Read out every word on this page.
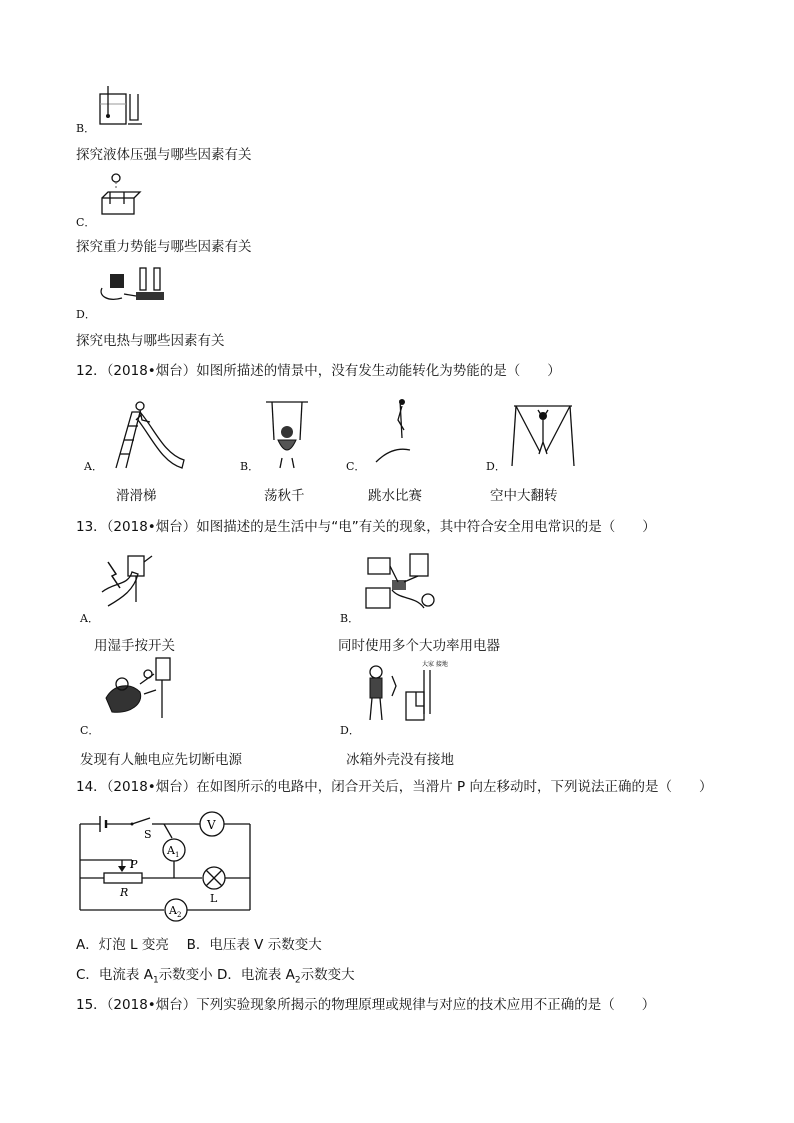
B．
探究液体压强与哪些因素有关
C．
探究重力势能与哪些因素有关
D．
探究电热与哪些因素有关
12．（2018•烟台）如图所描述的情景中，没有发生动能转化为势能的是（　　）
A．
滑滑梯
B．
荡秋千
C．
跳水比赛
D．
空中大翻转
13．（2018•烟台）如图描述的是生活中与“电”有关的现象，其中符合安全用电常识的是（　　）
A．
用湿手按开关
B．
同时使用多个大功率用电器
C．
发现有人触电应先切断电源
大家 接地
D．
冰箱外壳没有接地
14．（2018•烟台）在如图所示的电路中，闭合开关后，当滑片 P 向左移动时，下列说法正确的是（　　）
S
V
A 1
P
R	L
A 2
A．灯泡 L 变亮　 B．电压表 V 示数变大
C．电流表 $A_1$示数变小 D．电流表 $A_2$示数变大
15．（2018•烟台）下列实验现象所揭示的物理原理或规律与对应的技术应用不正确的是（　　）
